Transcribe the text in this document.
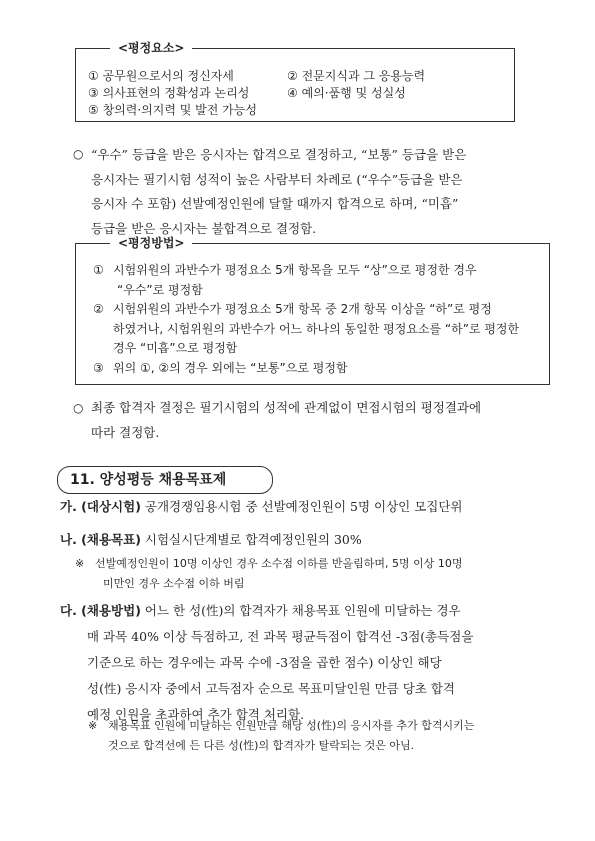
<평정요소>
① 공무원으로서의 정신자세	② 전문지식과 그 응용능력
③ 의사표현의 정확성과 논리성	④ 예의·품행 및 성실성
⑤ 창의력·의지력 및 발전 가능성
○ “우수” 등급을 받은 응시자는 합격으로 결정하고, “보통” 등급을 받은
응시자는 필기시험 성적이 높은 사람부터 차례로 (“우수”등급을 받은
응시자 수 포함) 선발예정인원에 달할 때까지 합격으로 하며, “미흡”
등급을 받은 응시자는 불합격으로 결정함.
<평정방법>
① 시험위원의 과반수가 평정요소 5개 항목을 모두 “상”으로 평정한 경우
“우수”로 평정함
② 시험위원의 과반수가 평정요소 5개 항목 중 2개 항목 이상을 “하”로 평정
하였거나, 시험위원의 과반수가 어느 하나의 동일한 평정요소를 “하”로 평정한
경우 “미흡”으로 평정함
③ 위의 ①, ②의 경우 외에는 “보통”으로 평정함
○ 최종 합격자 결정은 필기시험의 성적에 관계없이 면접시험의 평정결과에
따라 결정함.
11. 양성평등 채용목표제
가. (대상시험) 공개경쟁임용시험 중 선발예정인원이 5명 이상인 모집단위
나. (채용목표) 시험실시단계별로 합격예정인원의 30%
※ 선발예정인원이 10명 이상인 경우 소수점 이하를 반올림하며, 5명 이상 10명
미만인 경우 소수점 이하 버림
다. (채용방법) 어느 한 성(性)의 합격자가 채용목표 인원에 미달하는 경우
매 과목 40% 이상 득점하고, 전 과목 평균득점이 합격선 -3점(총득점을
기준으로 하는 경우에는 과목 수에 -3점을 곱한 점수) 이상인 해당
성(性) 응시자 중에서 고득점자 순으로 목표미달인원 만큼 당초 합격
예정 인원을 초과하여 추가 합격 처리함.
※ 채용목표 인원에 미달하는 인원만큼 해당 성(性)의 응시자를 추가 합격시키는
것으로 합격선에 든 다른 성(性)의 합격자가 탈락되는 것은 아님.
